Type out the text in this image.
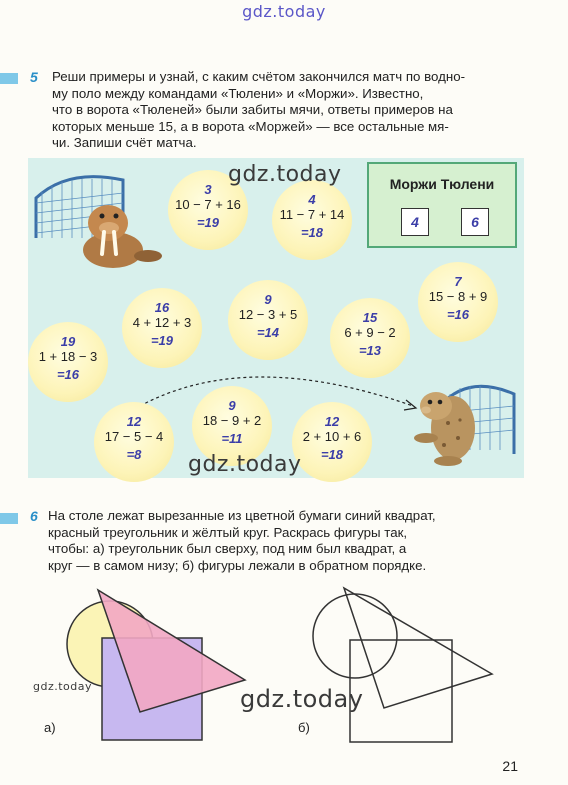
gdz.today
5 Реши примеры и узнай, с каким счётом закончился матч по водно-
му поло между командами «Тюлени» и «Моржи». Известно,
что в ворота «Тюленей» были забиты мячи, ответы примеров на
которых меньше 15, а в ворота «Моржей» — все остальные мя-
чи. Запиши счёт матча.
Моржи Тюлени
4	6
3
10 − 7 + 16
=19
4
11 − 7 + 14
=18
7
15 − 8 + 9
=16
16
4 + 12 + 3
=19
9
12 − 3 + 5
=14
15
6 + 9 − 2
=13
19
1 + 18 − 3
=16
12
17 − 5 − 4
=8
9
18 − 9 + 2
=11
12
2 + 10 + 6
=18
gdz.today
gdz.today
6 На столе лежат вырезанные из цветной бумаги синий квадрат,
красный треугольник и жёлтый круг. Раскрась фигуры так,
чтобы: а) треугольник был сверху, под ним был квадрат, а
круг — в самом низу; б) фигуры лежали в обратном порядке.
а)	б)
gdz.today	gdz.today
21
